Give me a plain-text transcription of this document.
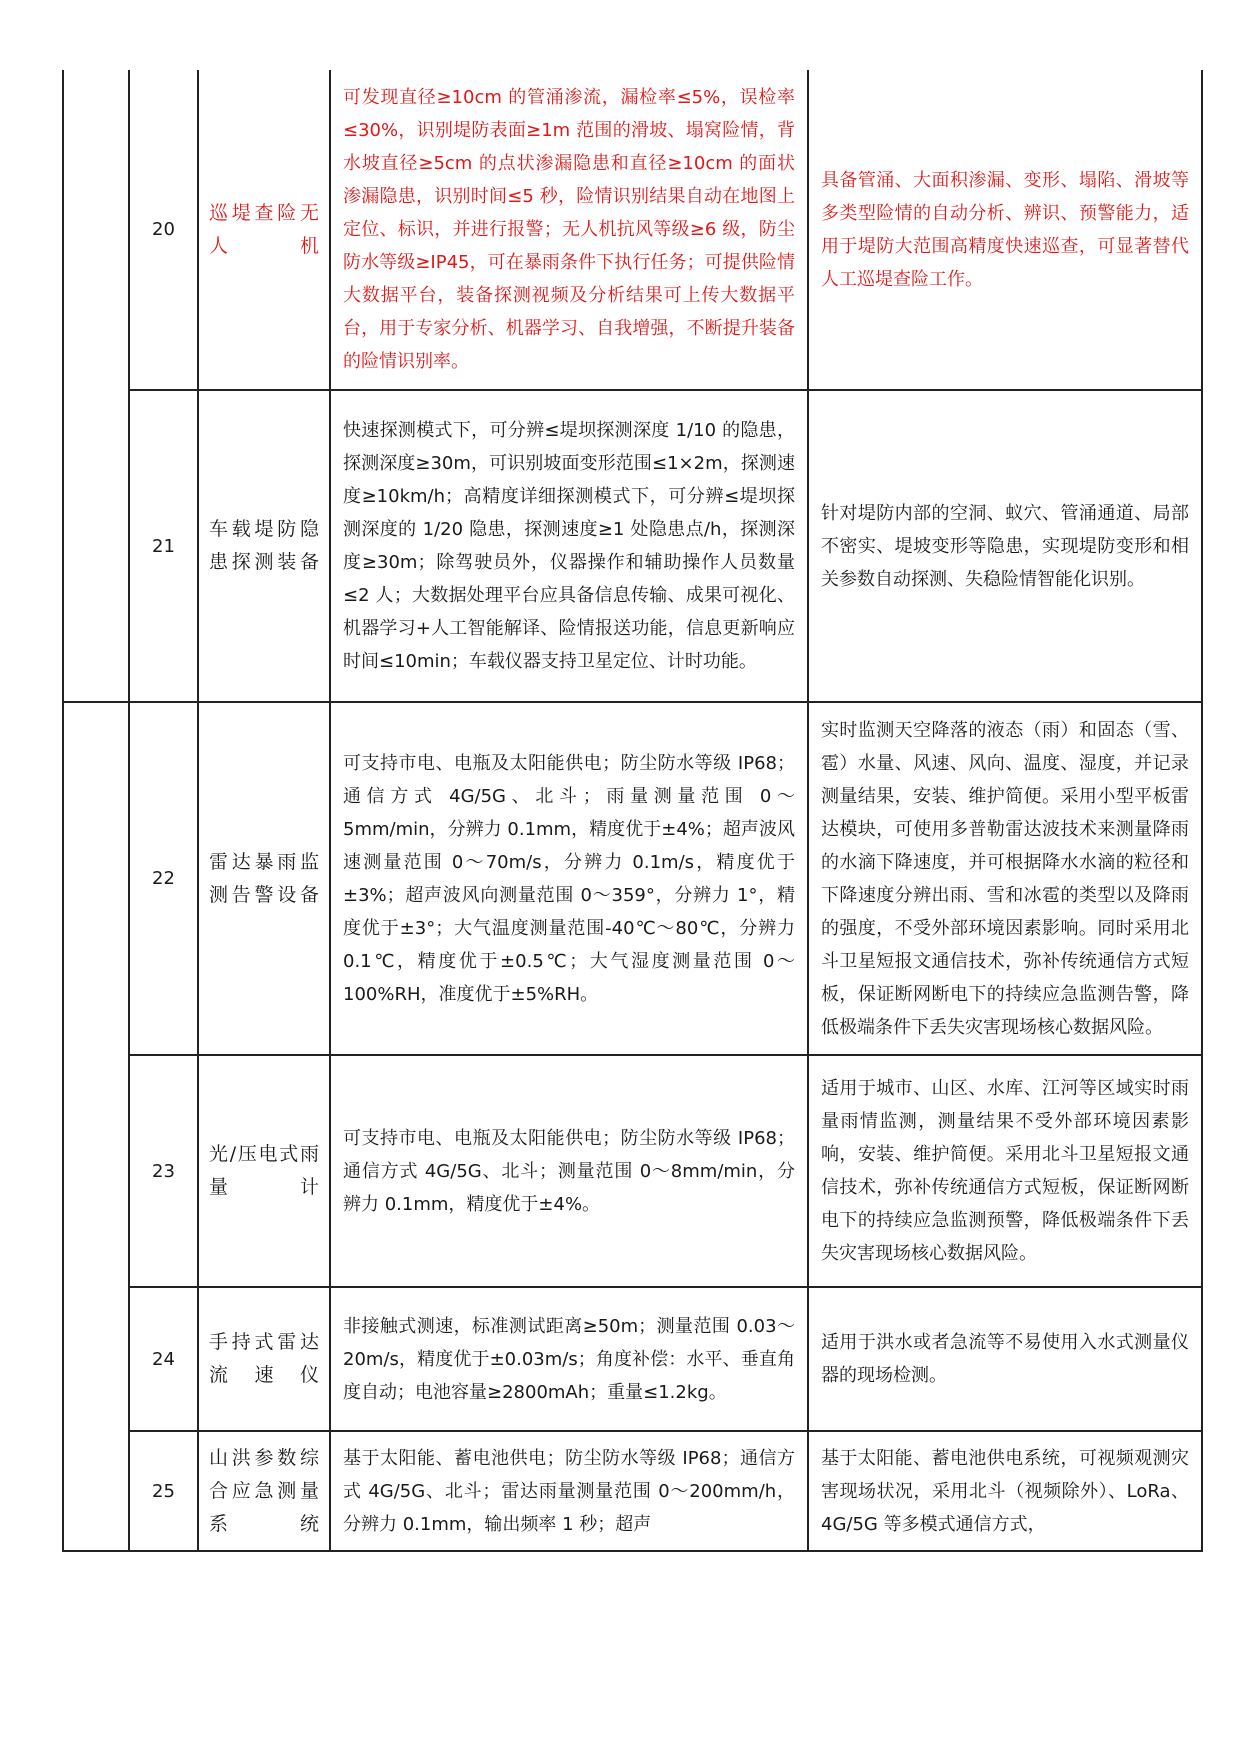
	20	巡堤查险无人机	可发现直径≥10cm 的管涌渗流，漏检率≤5%，误检率≤30%，识别堤防表面≥1m 范围的滑坡、塌窝险情，背水坡直径≥5cm 的点状渗漏隐患和直径≥10cm 的面状渗漏隐患，识别时间≤5 秒，险情识别结果自动在地图上定位、标识，并进行报警；无人机抗风等级≥6 级，防尘防水等级≥IP45，可在暴雨条件下执行任务；可提供险情大数据平台，装备探测视频及分析结果可上传大数据平台，用于专家分析、机器学习、自我增强，不断提升装备的险情识别率。	具备管涌、大面积渗漏、变形、塌陷、滑坡等多类型险情的自动分析、辨识、预警能力，适用于堤防大范围高精度快速巡查，可显著替代人工巡堤查险工作。
	21	车载堤防隐患探测装备	快速探测模式下，可分辨≤堤坝探测深度 1/10 的隐患，探测深度≥30m，可识别坡面变形范围≤1×2m，探测速度≥10km/h；高精度详细探测模式下，可分辨≤堤坝探测深度的 1/20 隐患，探测速度≥1 处隐患点/h，探测深度≥30m；除驾驶员外，仪器操作和辅助操作人员数量≤2 人；大数据处理平台应具备信息传输、成果可视化、机器学习+人工智能解译、险情报送功能，信息更新响应时间≤10min；车载仪器支持卫星定位、计时功能。	针对堤防内部的空洞、蚁穴、管涌通道、局部不密实、堤坡变形等隐患，实现堤防变形和相关参数自动探测、失稳险情智能化识别。
	22	雷达暴雨监测告警设备	可支持市电、电瓶及太阳能供电；防尘防水等级 IP68；通信方式 4G/5G、北斗；雨量测量范围 0～5mm/min，分辨力 0.1mm，精度优于±4%；超声波风速测量范围 0～70m/s，分辨力 0.1m/s，精度优于±3%；超声波风向测量范围 0～359°，分辨力 1°，精度优于±3°；大气温度测量范围-40℃～80℃，分辨力 0.1℃，精度优于±0.5℃；大气湿度测量范围 0～100%RH，准度优于±5%RH。	实时监测天空降落的液态（雨）和固态（雪、雹）水量、风速、风向、温度、湿度，并记录测量结果，安装、维护简便。采用小型平板雷达模块，可使用多普勒雷达波技术来测量降雨的水滴下降速度，并可根据降水水滴的粒径和下降速度分辨出雨、雪和冰雹的类型以及降雨的强度，不受外部环境因素影响。同时采用北斗卫星短报文通信技术，弥补传统通信方式短板，保证断网断电下的持续应急监测告警，降低极端条件下丢失灾害现场核心数据风险。
	23	光/压电式雨量计	可支持市电、电瓶及太阳能供电；防尘防水等级 IP68；通信方式 4G/5G、北斗；测量范围 0～8mm/min，分辨力 0.1mm，精度优于±4%。	适用于城市、山区、水库、江河等区域实时雨量雨情监测，测量结果不受外部环境因素影响，安装、维护简便。采用北斗卫星短报文通信技术，弥补传统通信方式短板，保证断网断电下的持续应急监测预警，降低极端条件下丢失灾害现场核心数据风险。
	24	手持式雷达流速仪	非接触式测速，标准测试距离≥50m；测量范围 0.03～20m/s，精度优于±0.03m/s；角度补偿：水平、垂直角度自动；电池容量≥2800mAh；重量≤1.2kg。	适用于洪水或者急流等不易使用入水式测量仪器的现场检测。
	25	山洪参数综合应急测量系统	基于太阳能、蓄电池供电；防尘防水等级 IP68；通信方式 4G/5G、北斗；雷达雨量测量范围 0～200mm/h，分辨力 0.1mm，输出频率 1 秒；超声	基于太阳能、蓄电池供电系统，可视频观测灾害现场状况，采用北斗（视频除外）、LoRa、4G/5G 等多模式通信方式，
